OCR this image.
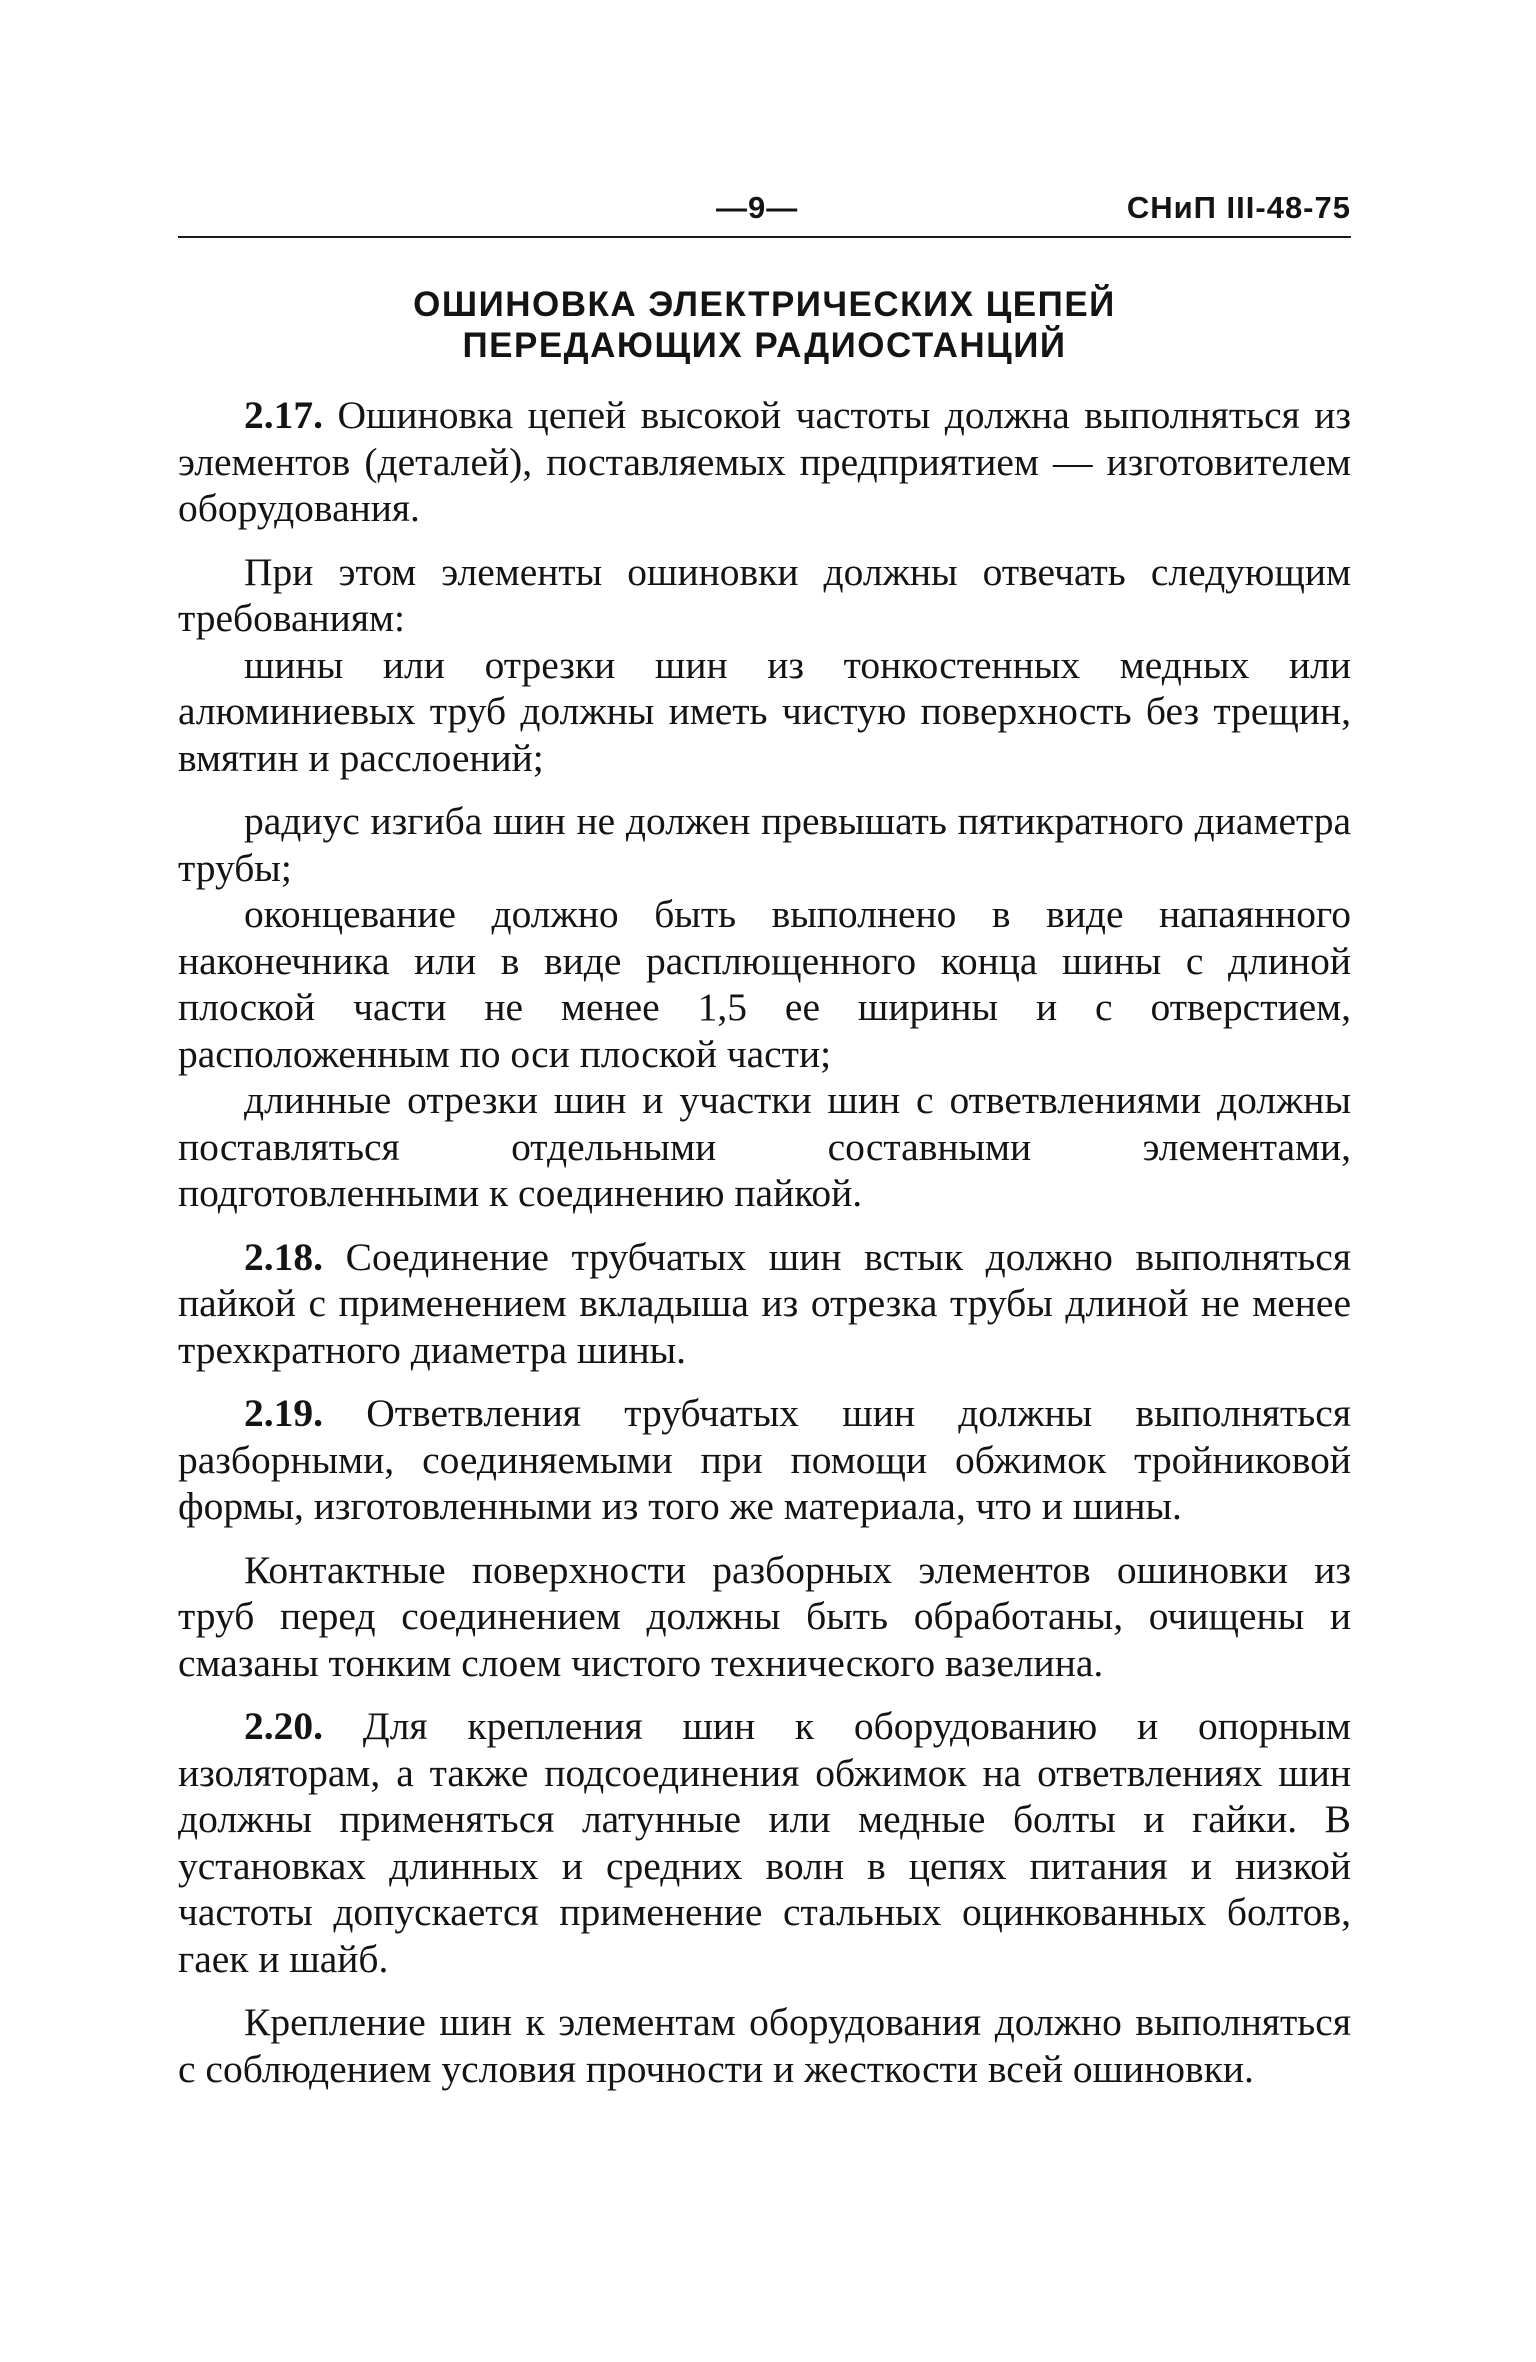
—9—	СНиП III-48-75
ОШИНОВКА ЭЛЕКТРИЧЕСКИХ ЦЕПЕЙ
ПЕРЕДАЮЩИХ РАДИОСТАНЦИЙ

2.17. Ошиновка цепей высокой частоты должна выполняться из элементов (деталей), поставляемых предприятием — изготовителем оборудования.

При этом элементы ошиновки должны отвечать следующим требованиям:

шины или отрезки шин из тонкостенных медных или алюминиевых труб должны иметь чистую поверхность без трещин, вмятин и расслоений;

радиус изгиба шин не должен превышать пятикратного диаметра трубы;

оконцевание должно быть выполнено в виде напаянного наконечника или в виде расплющенного конца шины с длиной плоской части не менее 1,5 ее ширины и с отверстием, расположенным по оси плоской части;

длинные отрезки шин и участки шин с ответвлениями должны поставляться отдельными составными элементами, подготовленными к соединению пайкой.

2.18. Соединение трубчатых шин встык должно выполняться пайкой с применением вкладыша из отрезка трубы длиной не менее трехкратного диаметра шины.

2.19. Ответвления трубчатых шин должны выполняться разборными, соединяемыми при помощи обжимок тройниковой формы, изготовленными из того же материала, что и шины.

Контактные поверхности разборных элементов ошиновки из труб перед соединением должны быть обработаны, очищены и смазаны тонким слоем чистого технического вазелина.

2.20. Для крепления шин к оборудованию и опорным изоляторам, а также подсоединения обжимок на ответвлениях шин должны применяться латунные или медные болты и гайки. В установках длинных и средних волн в цепях питания и низкой частоты допускается применение стальных оцинкованных болтов, гаек и шайб.

Крепление шин к элементам оборудования должно выполняться с соблюдением условия прочности и жесткости всей ошиновки.
